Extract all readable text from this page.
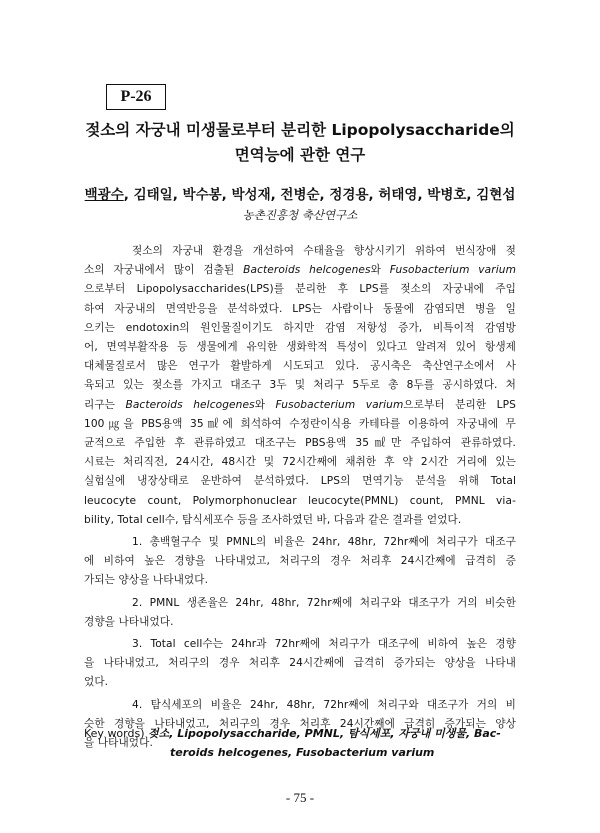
P-26
젖소의 자궁내 미생물로부터 분리한 Lipopolysaccharide의
면역능에 관한 연구
백광수, 김태일, 박수봉, 박성재, 전병순, 정경용, 허태영, 박병호, 김현섭
농촌진흥청 축산연구소
젖소의 자궁내 환경을 개선하여 수태율을 향상시키기 위하여 번식장애 젖
소의 자궁내에서 많이 검출된 Bacteroids helcogenes와 Fusobacterium varium
으로부터 Lipopolysaccharides(LPS)를 분리한 후 LPS를 젖소의 자궁내에 주입
하여 자궁내의 면역반응을 분석하였다. LPS는 사람이나 동물에 감염되면 병을 일
으키는 endotoxin의 원인물질이기도 하지만 감염 저항성 증가, 비특이적 감염방
어, 면역부활작용 등 생물에게 유익한 생화학적 특성이 있다고 알려져 있어 항생제
대체물질로서 많은 연구가 활발하게 시도되고 있다. 공시축은 축산연구소에서 사
육되고 있는 젖소를 가지고 대조구 3두 및 처리구 5두로 총 8두를 공시하였다. 처
리구는 Bacteroids helcogenes와 Fusobacterium varium으로부터 분리한 LPS
100㎍을 PBS용액 35㎖에 희석하여 수정란이식용 카테타를 이용하여 자궁내에 무
균적으로 주입한 후 관류하였고 대조구는 PBS용액 35㎖만 주입하여 관류하였다.
시료는 처리직전, 24시간, 48시간 및 72시간째에 채취한 후 약 2시간 거리에 있는
실험실에 냉장상태로 운반하여 분석하였다. LPS의 면역기능 분석을 위해 Total
leucocyte count, Polymorphonuclear leucocyte(PMNL) count, PMNL via-
bility, Total cell수, 탐식세포수 등을 조사하였던 바, 다음과 같은 결과를 얻었다.
1. 총백혈구수 및 PMNL의 비율은 24hr, 48hr, 72hr째에 처리구가 대조구
에 비하여 높은 경향을 나타내었고, 처리구의 경우 처리후 24시간째에 급격히 증
가되는 양상을 나타내었다.
2. PMNL 생존율은 24hr, 48hr, 72hr째에 처리구와 대조구가 거의 비슷한
경향을 나타내었다.
3. Total cell수는 24hr과 72hr째에 처리구가 대조구에 비하여 높은 경향
을 나타내었고, 처리구의 경우 처리후 24시간째에 급격히 증가되는 양상을 나타내
었다.
4. 탐식세포의 비율은 24hr, 48hr, 72hr째에 처리구와 대조구가 거의 비
슷한 경향을 나타내었고, 처리구의 경우 처리후 24시간째에 급격히 증가되는 양상
을 나타내었다.
Key words) 젖소, Lipopolysaccharide, PMNL, 탐식세포, 자궁내 미생물, Bac-
teroids helcogenes, Fusobacterium varium
- 75 -
